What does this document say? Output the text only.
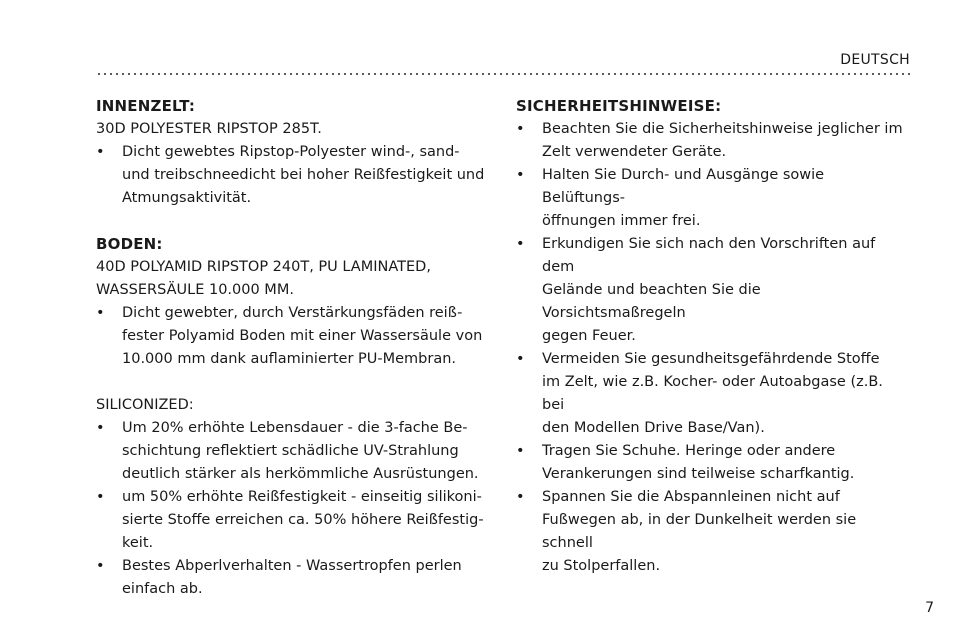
DEUTSCH
INNENZELT:

30D POLYESTER RIPSTOP 285T.

• Dicht gewebtes Ripstop-Polyester wind-, sand-
und treibschneedicht bei hoher Reißfestigkeit und
Atmungsaktivität.
BODEN:

40D POLYAMID RIPSTOP 240T, PU LAMINATED,

WASSERSÄULE 10.000 MM.

• Dicht gewebter, durch Verstärkungsfäden reiß-
fester Polyamid Boden mit einer Wassersäule von
10.000 mm dank auflaminierter PU-Membran.

SILICONIZED:

• Um 20% erhöhte Lebensdauer - die 3-fache Be-
schichtung reflektiert schädliche UV-Strahlung
deutlich stärker als herkömmliche Ausrüstungen.
• um 50% erhöhte Reißfestigkeit - einseitig silikoni-
sierte Stoffe erreichen ca. 50% höhere Reißfestig-
keit.
• Bestes Abperlverhalten - Wassertropfen perlen
einfach ab.
SICHERHEITSHINWEISE:
• Beachten Sie die Sicherheitshinweise jeglicher im
Zelt verwendeter Geräte.
• Halten Sie Durch- und Ausgänge sowie Belüftungs-
öffnungen immer frei.
• Erkundigen Sie sich nach den Vorschriften auf dem
Gelände und beachten Sie die Vorsichtsmaßregeln
gegen Feuer.
• Vermeiden Sie gesundheitsgefährdende Stoffe
im Zelt, wie z.B. Kocher- oder Autoabgase (z.B. bei
den Modellen Drive Base/Van).
• Tragen Sie Schuhe. Heringe oder andere
Verankerungen sind teilweise scharfkantig.
• Spannen Sie die Abspannleinen nicht auf
Fußwegen ab, in der Dunkelheit werden sie schnell
zu Stolperfallen.
7
